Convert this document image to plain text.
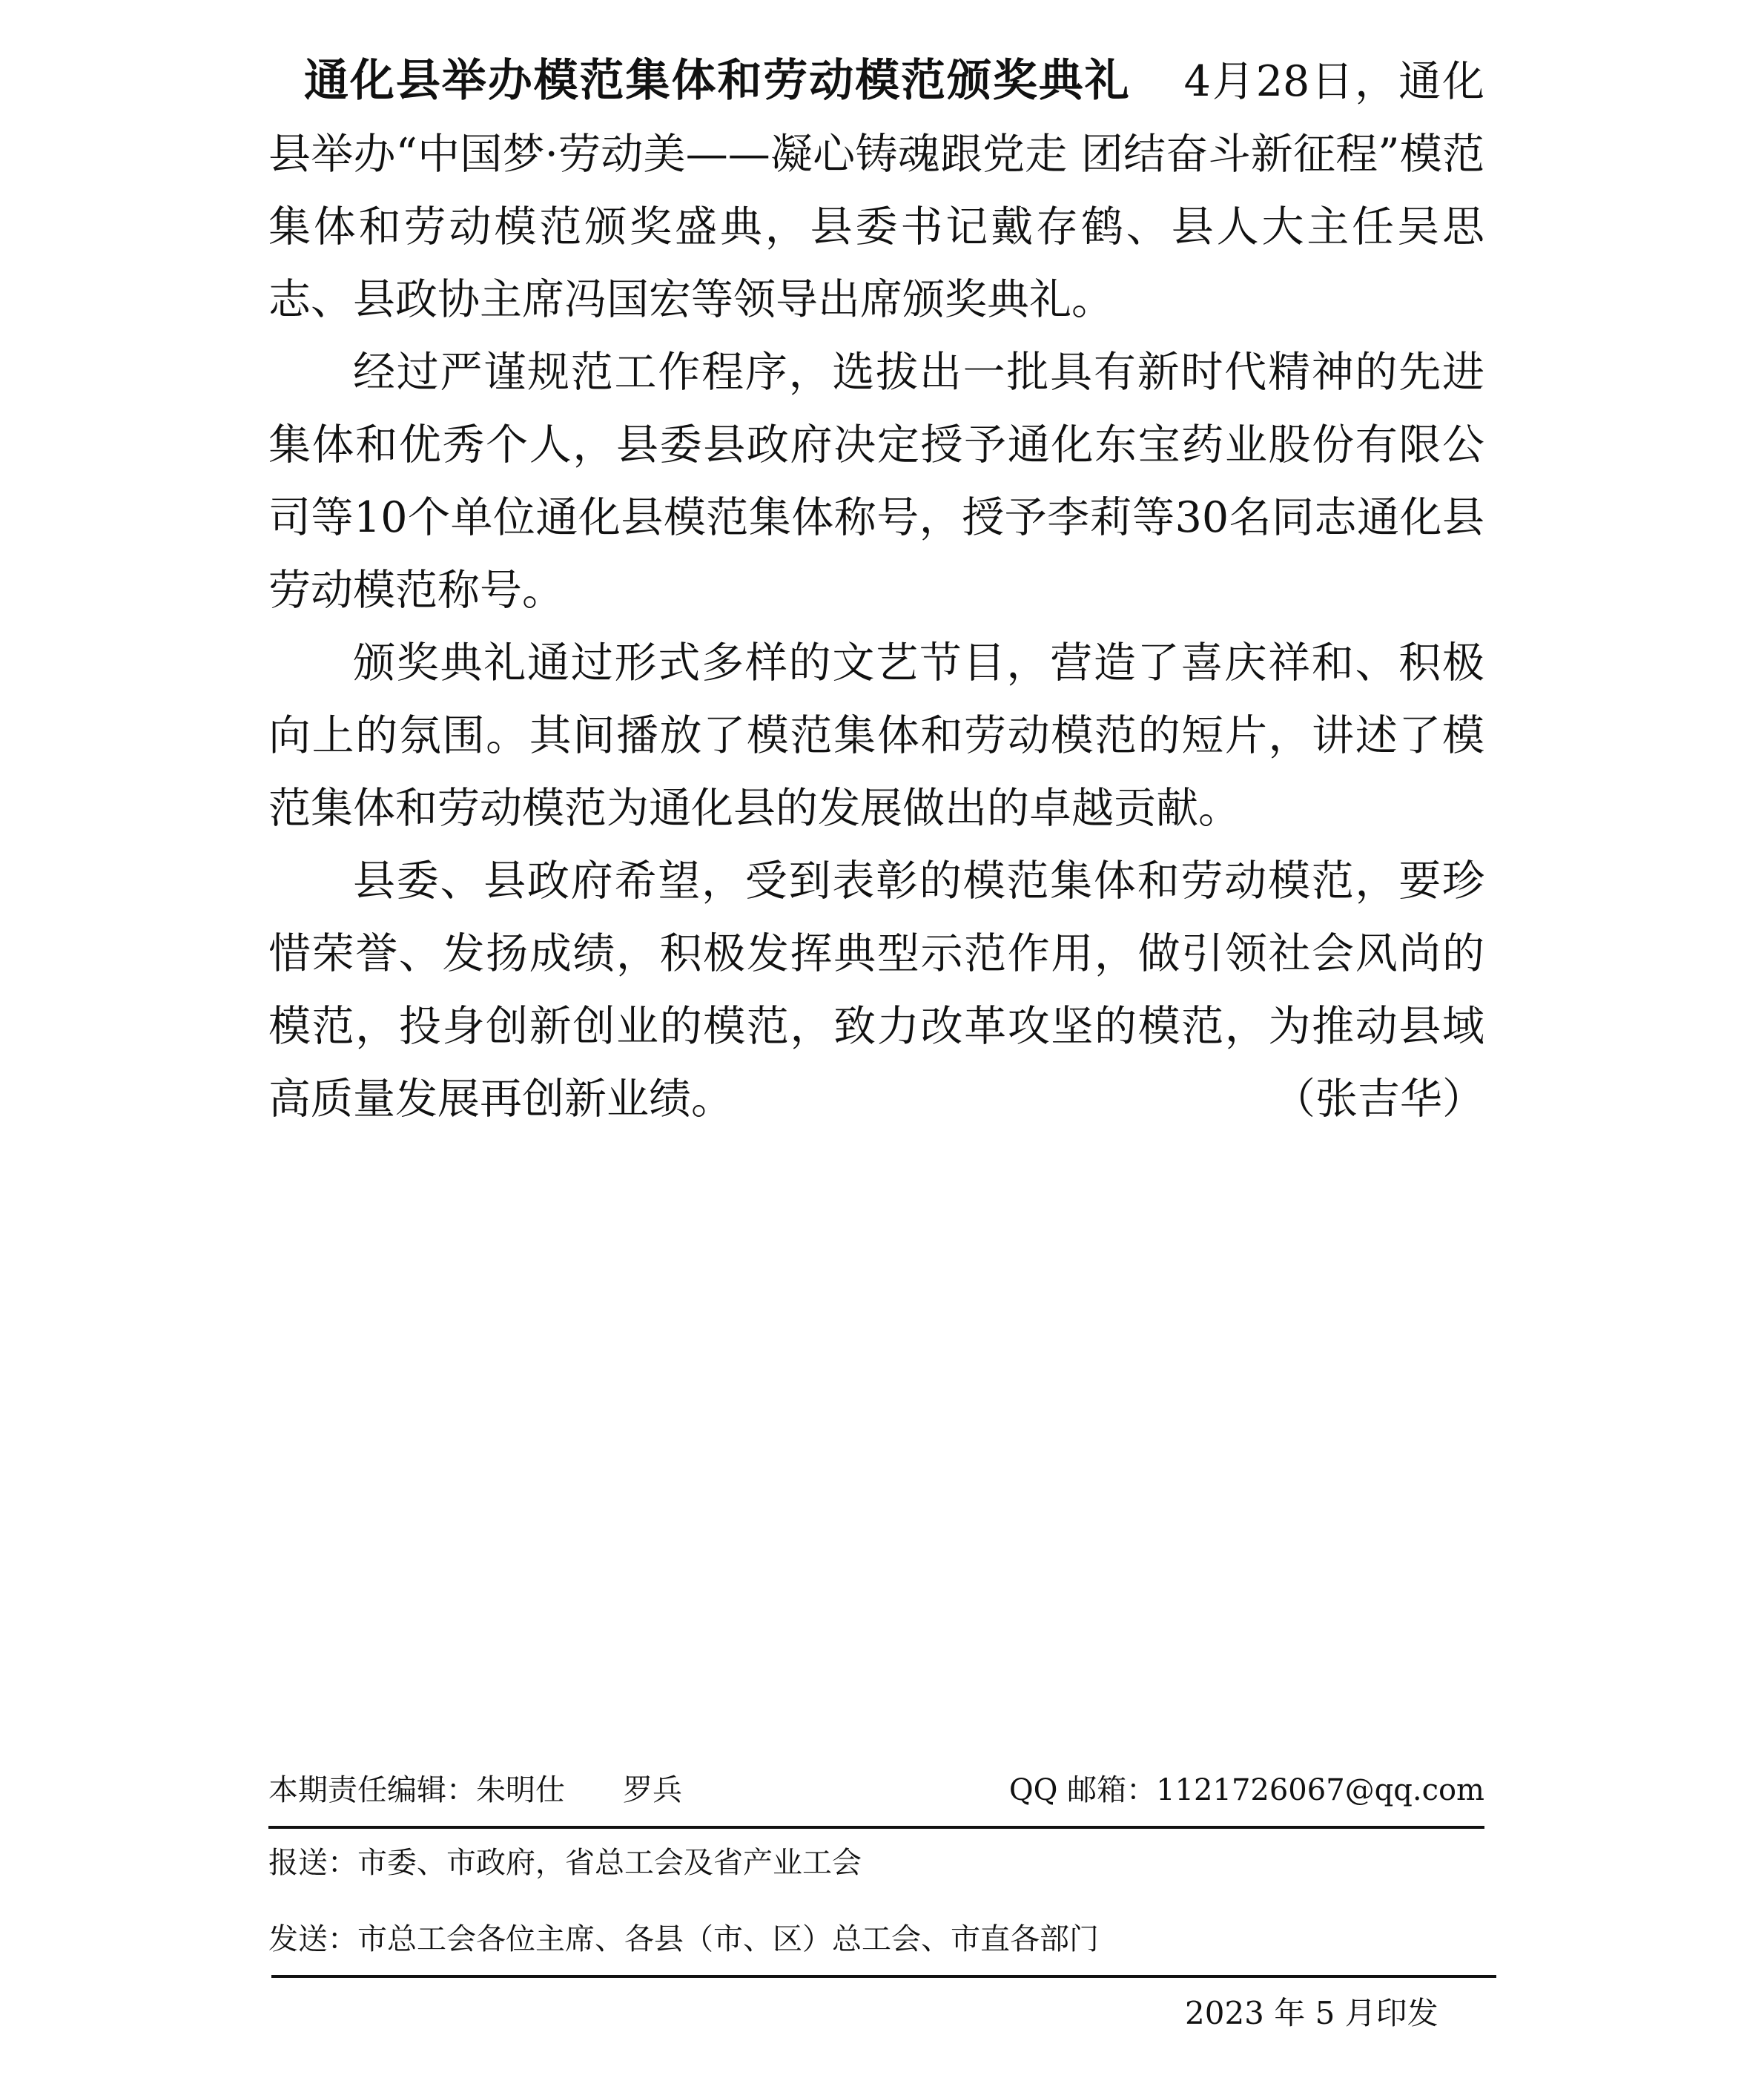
通化县举办模范集体和劳动模范颁奖典礼 4月28日，通化县举办“中国梦·劳动美——凝心铸魂跟党走 团结奋斗新征程”模范集体和劳动模范颁奖盛典，县委书记戴存鹤、县人大主任吴思志、县政协主席冯国宏等领导出席颁奖典礼。

经过严谨规范工作程序，选拔出一批具有新时代精神的先进集体和优秀个人，县委县政府决定授予通化东宝药业股份有限公司等10个单位通化县模范集体称号，授予李莉等30名同志通化县劳动模范称号。

颁奖典礼通过形式多样的文艺节目，营造了喜庆祥和、积极向上的氛围。其间播放了模范集体和劳动模范的短片，讲述了模范集体和劳动模范为通化县的发展做出的卓越贡献。

县委、县政府希望，受到表彰的模范集体和劳动模范，要珍惜荣誉、发扬成绩，积极发挥典型示范作用，做引领社会风尚的模范，投身创新创业的模范，致力改革攻坚的模范，为推动县域高质量发展再创新业绩。	（张吉华）

本期责任编辑：朱明仕 罗兵	QQ 邮箱：1121726067@qq.com
报送：市委、市政府，省总工会及省产业工会
发送：市总工会各位主席、各县（市、区）总工会、市直各部门
2023 年 5 月印发
